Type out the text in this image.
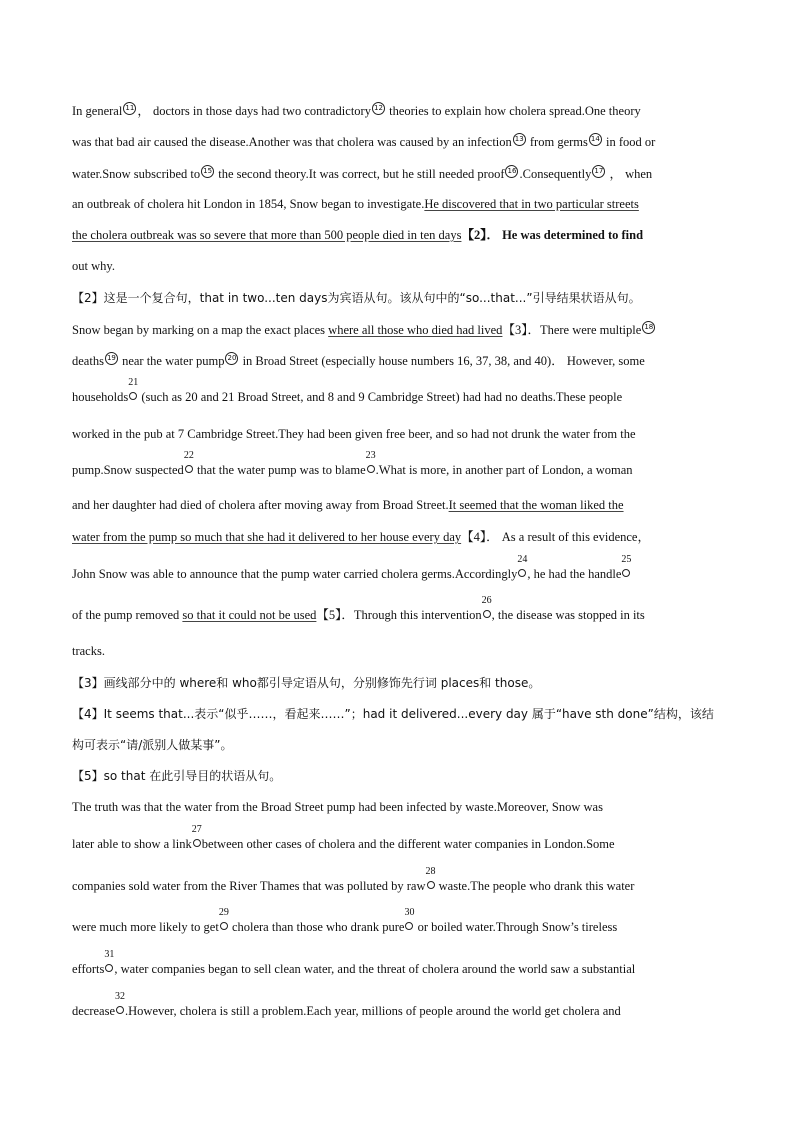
In general 11 ， doctors in those days had two contradictory 12 theories to explain how cholera spread.One theory
was that bad air caused the disease.Another was that cholera was caused by an infection 13 from germs 14 in food or
water.Snow subscribed to 15 the second theory.It was correct, but he still needed proof 16 .Consequently 17 ， when
an outbreak of cholera hit London in 1854, Snow began to investigate.He discovered that in two particular streets
the cholera outbreak was so severe that more than 500 people died in ten days【2】． He was determined to find
out why.
【2】这是一个复合句，that in two...ten days为宾语从句。该从句中的“so...that...”引导结果状语从句。
Snow began by marking on a map the exact places where all those who died had lived【3】．There were multiple 18
deaths 19 near the water pump 20 in Broad Street (especially house numbers 16, 37, 38, and 40)． However, some
households
21
(such as 20 and 21 Broad Street, and 8 and 9 Cambridge Street) had had no deaths.These people
worked in the pub at 7 Cambridge Street.They had been given free beer, and so had not drunk the water from the
pump.Snow suspected
22
that the water pump was to blame
23
.What is more, in another part of London, a woman
and her daughter had died of cholera after moving away from Broad Street.It seemed that the woman liked the
water from the pump so much that she had it delivered to her house every day【4】． As a result of this evidence，
John Snow was able to announce that the pump water carried cholera germs.Accordingly
24
, he had the handle
25
of the pump removed so that it could not be used【5】．Through this intervention
26
, the disease was stopped in its
tracks.
【3】画线部分中的 where和 who都引导定语从句，分别修饰先行词 places和 those。
【4】It seems that...表示“似乎……，看起来……”；had it delivered...every day 属于“have sth done”结构，该结
构可表示“请/派别人做某事”。
【5】so that 在此引导目的状语从句。
The truth was that the water from the Broad Street pump had been infected by waste.Moreover, Snow was
later able to show a link
27
between other cases of cholera and the different water companies in London.Some
companies sold water from the River Thames that was polluted by raw
28
waste.The people who drank this water
were much more likely to get
29
cholera than those who drank pure
30
or boiled water.Through Snow’s tireless
efforts
31
, water companies began to sell clean water, and the threat of cholera around the world saw a substantial
decrease
32
.However, cholera is still a problem.Each year, millions of people around the world get cholera and
